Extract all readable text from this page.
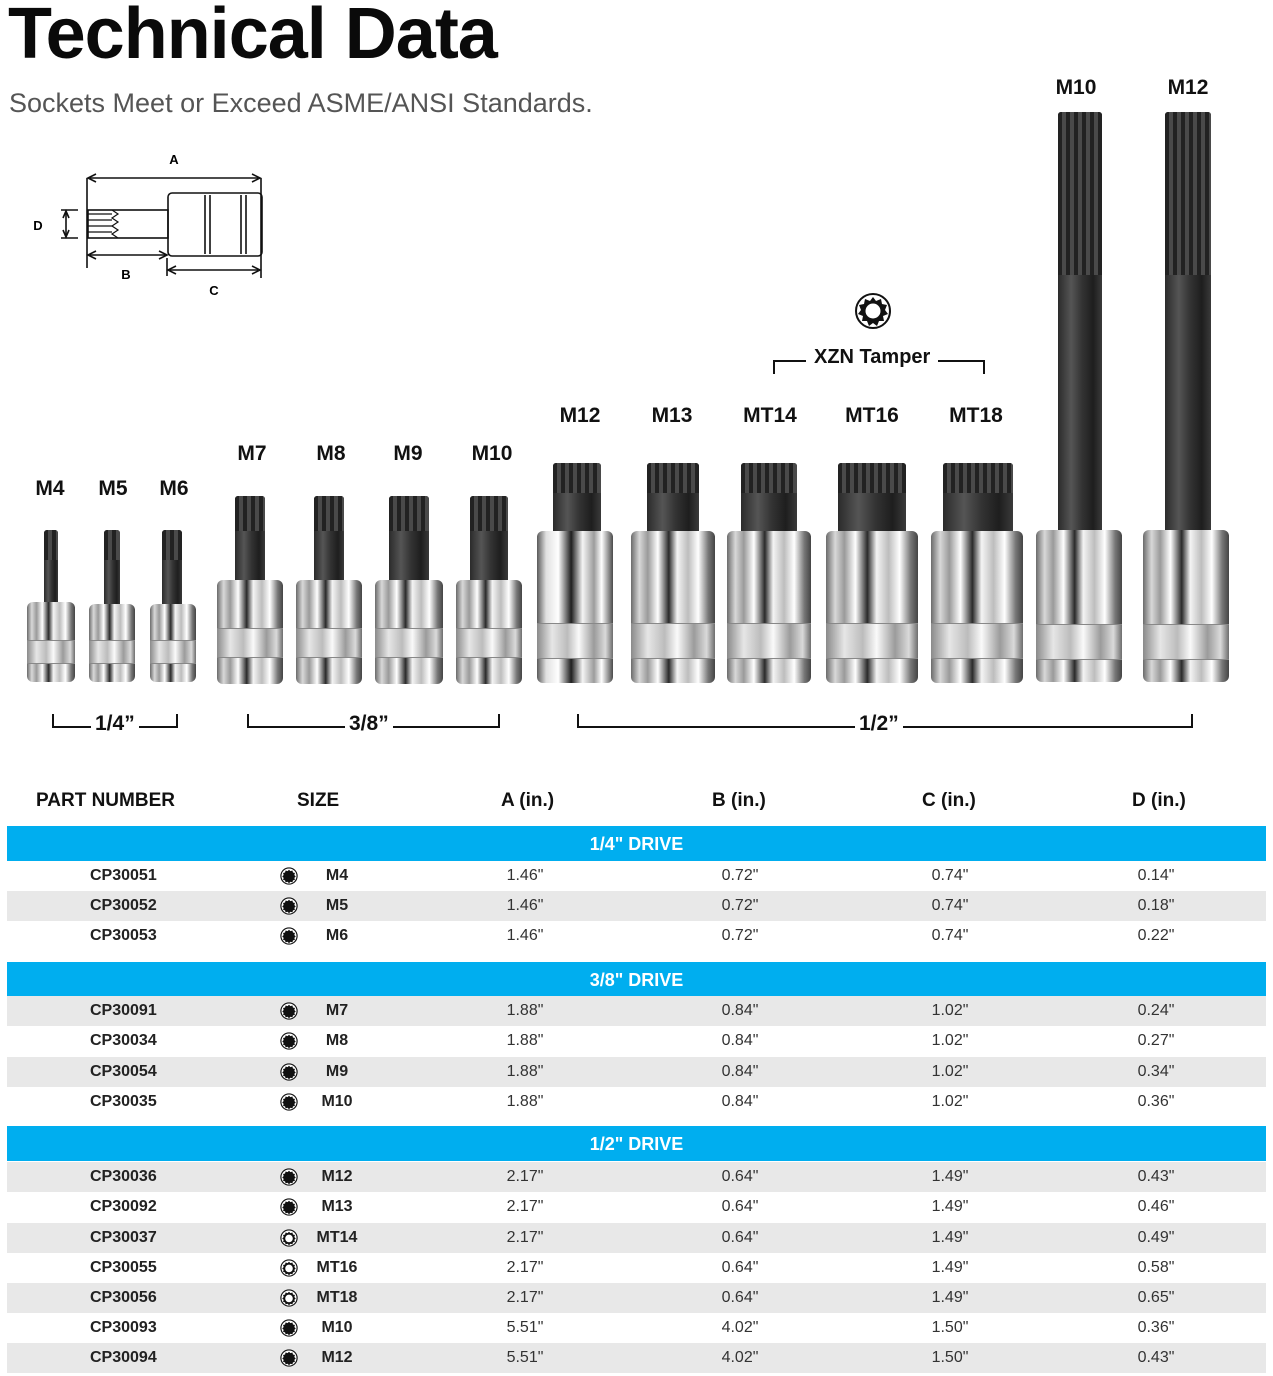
Technical Data
Sockets Meet or Exceed ASME/ANSI Standards.
A
D
B
C
XZN Tamper
M4	M5	M6
M7	M8	M9	M10
M12	M13	MT14	MT16	MT18
M10	M12
1/4”	3/8”	1/2”
PART NUMBER	SIZE	A (in.)	B (in.)	C (in.)	D (in.)
1/4" DRIVE
CP30051	M4	1.46"	0.72"	0.74"	0.14"
CP30052	M5	1.46"	0.72"	0.74"	0.18"
CP30053	M6	1.46"	0.72"	0.74"	0.22"
3/8" DRIVE
CP30091	M7	1.88"	0.84"	1.02"	0.24"
CP30034	M8	1.88"	0.84"	1.02"	0.27"
CP30054	M9	1.88"	0.84"	1.02"	0.34"
CP30035	M10	1.88"	0.84"	1.02"	0.36"
1/2" DRIVE
CP30036	M12	2.17"	0.64"	1.49"	0.43"
CP30092	M13	2.17"	0.64"	1.49"	0.46"
CP30037	MT14	2.17"	0.64"	1.49"	0.49"
CP30055	MT16	2.17"	0.64"	1.49"	0.58"
CP30056	MT18	2.17"	0.64"	1.49"	0.65"
CP30093	M10	5.51"	4.02"	1.50"	0.36"
CP30094	M12	5.51"	4.02"	1.50"	0.43"
